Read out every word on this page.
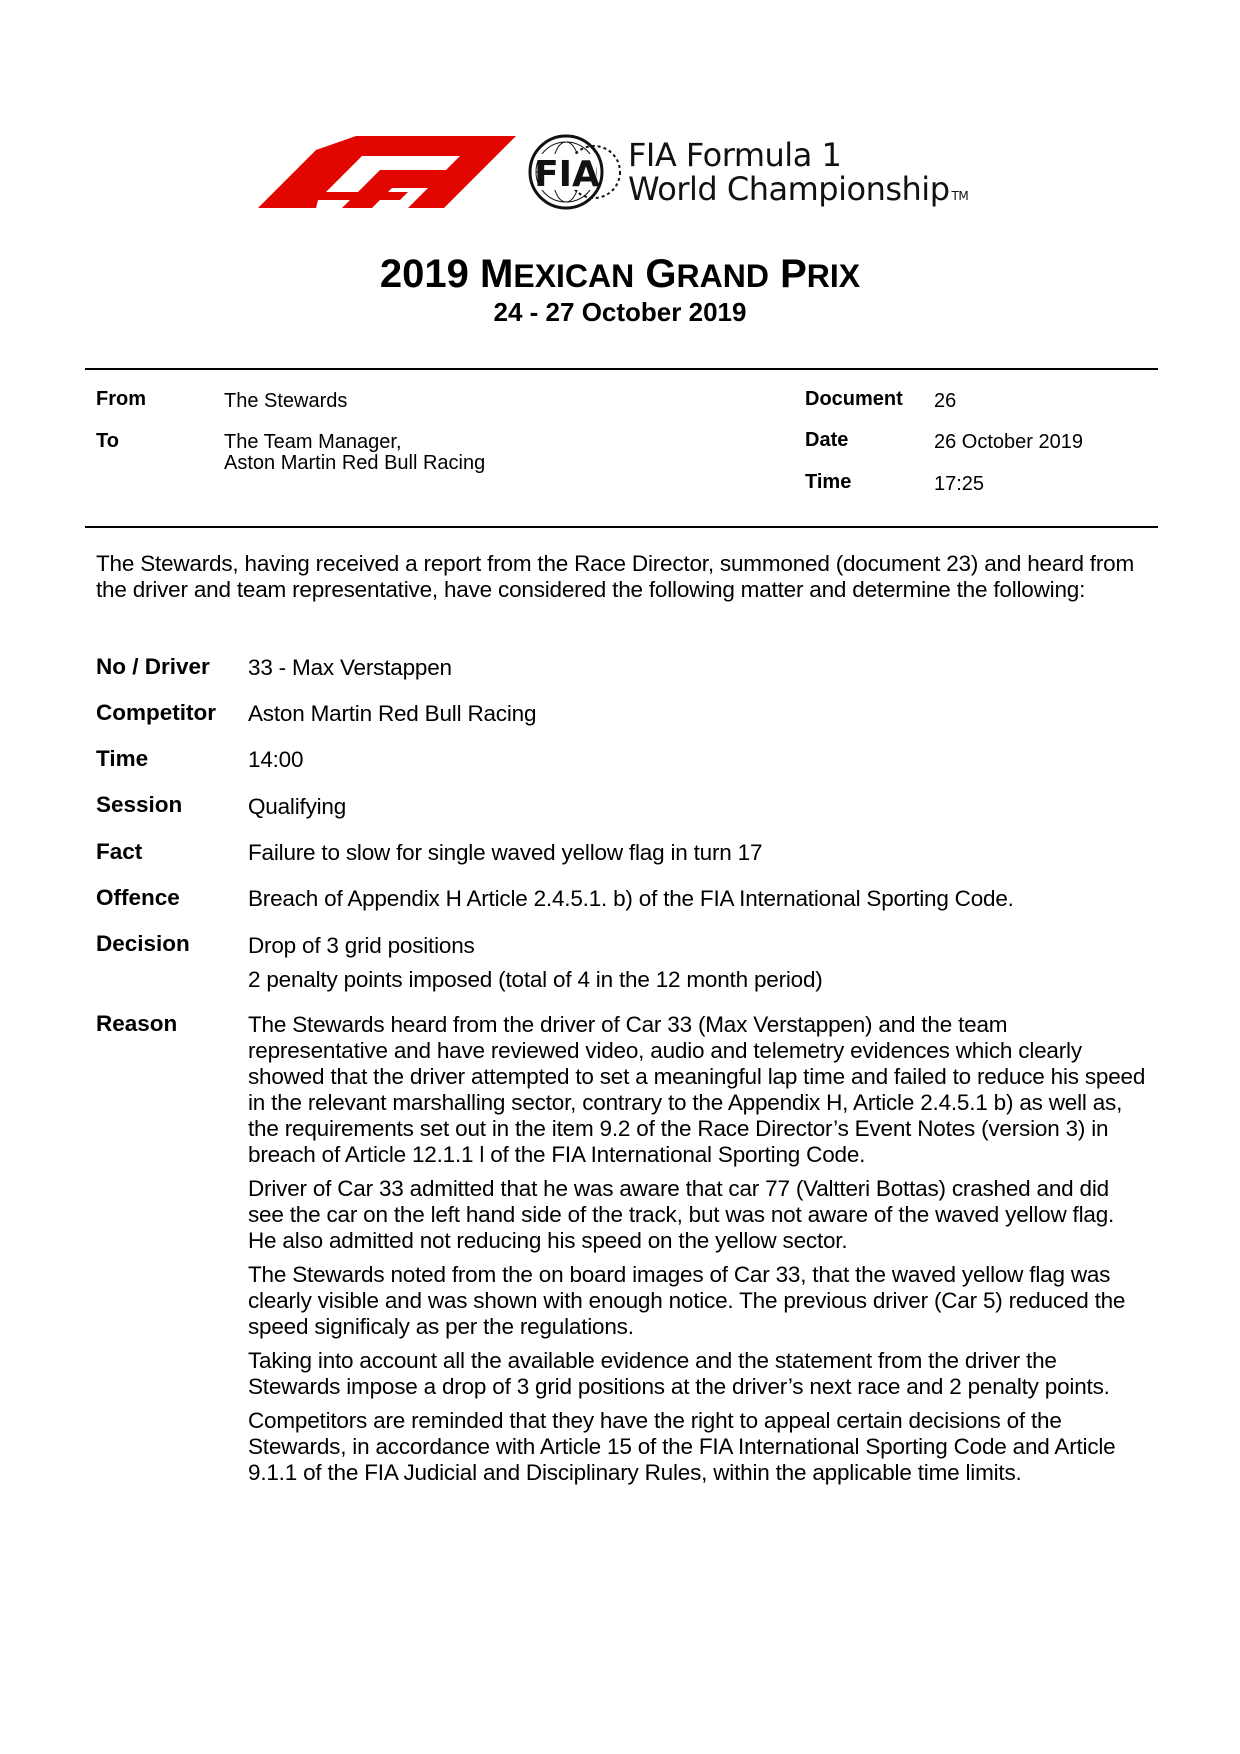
FIA FIA Formula 1
World Championship TM
2019 MEXICAN GRAND PRIX
24 - 27 October 2019
From	The Stewards
To	The Team Manager,
Aston Martin Red Bull Racing
Document 26
Date	26 October 2019
Time	17:25
The Stewards, having received a report from the Race Director, summoned (document 23) and heard from the driver and team representative, have considered the following matter and determine the following:
No / Driver 33 - Max Verstappen
Competitor Aston Martin Red Bull Racing
Time	14:00
Session	Qualifying
Fact	Failure to slow for single waved yellow flag in turn 17
Offence	Breach of Appendix H Article 2.4.5.1. b) of the FIA International Sporting Code.
Decision	Drop of 3 grid positions
2 penalty points imposed (total of 4 in the 12 month period)
Reason	The Stewards heard from the driver of Car 33 (Max Verstappen) and the team representative and have reviewed video, audio and telemetry evidences which clearly showed that the driver attempted to set a meaningful lap time and failed to reduce his speed in the relevant marshalling sector, contrary to the Appendix H, Article 2.4.5.1 b) as well as, the requirements set out in the item 9.2 of the Race Director’s Event Notes (version 3) in breach of Article 12.1.1 l of the FIA International Sporting Code.

Driver of Car 33 admitted that he was aware that car 77 (Valtteri Bottas) crashed and did see the car on the left hand side of the track, but was not aware of the waved yellow flag. He also admitted not reducing his speed on the yellow sector.

The Stewards noted from the on board images of Car 33, that the waved yellow flag was clearly visible and was shown with enough notice. The previous driver (Car 5) reduced the speed significaly as per the regulations.

Taking into account all the available evidence and the statement from the driver the Stewards impose a drop of 3 grid positions at the driver’s next race and 2 penalty points.

Competitors are reminded that they have the right to appeal certain decisions of the Stewards, in accordance with Article 15 of the FIA International Sporting Code and Article 9.1.1 of the FIA Judicial and Disciplinary Rules, within the applicable time limits.
